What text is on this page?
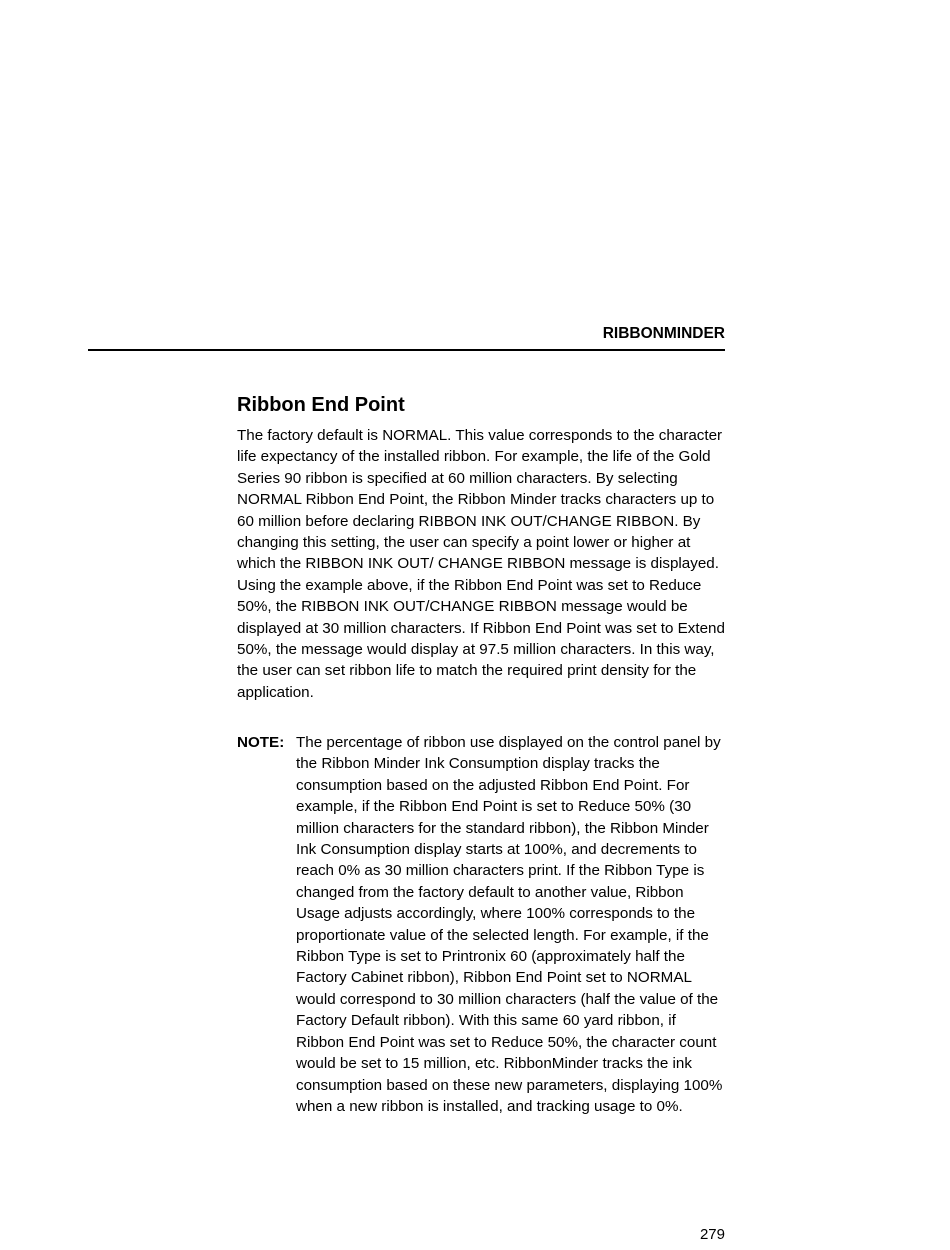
RIBBONMINDER
Ribbon End Point

The factory default is NORMAL. This value corresponds to the character life expectancy of the installed ribbon. For example, the life of the Gold Series 90 ribbon is specified at 60 million characters. By selecting NORMAL Ribbon End Point, the Ribbon Minder tracks characters up to 60 million before declaring RIBBON INK OUT/CHANGE RIBBON. By changing this setting, the user can specify a point lower or higher at which the RIBBON INK OUT/ CHANGE RIBBON message is displayed. Using the example above, if the Ribbon End Point was set to Reduce 50%, the RIBBON INK OUT/CHANGE RIBBON message would be displayed at 30 million characters. If Ribbon End Point was set to Extend 50%, the message would display at 97.5 million characters. In this way, the user can set ribbon life to match the required print density for the application.

NOTE: The percentage of ribbon use displayed on the control panel by the Ribbon Minder Ink Consumption display tracks the consumption based on the adjusted Ribbon End Point. For example, if the Ribbon End Point is set to Reduce 50% (30 million characters for the standard ribbon), the Ribbon Minder Ink Consumption display starts at 100%, and decrements to reach 0% as 30 million characters print. If the Ribbon Type is changed from the factory default to another value, Ribbon Usage adjusts accordingly, where 100% corresponds to the proportionate value of the selected length. For example, if the Ribbon Type is set to Printronix 60 (approximately half the Factory Cabinet ribbon), Ribbon End Point set to NORMAL would correspond to 30 million characters (half the value of the Factory Default ribbon). With this same 60 yard ribbon, if Ribbon End Point was set to Reduce 50%, the character count would be set to 15 million, etc. RibbonMinder tracks the ink consumption based on these new parameters, displaying 100% when a new ribbon is installed, and tracking usage to 0%.

279
